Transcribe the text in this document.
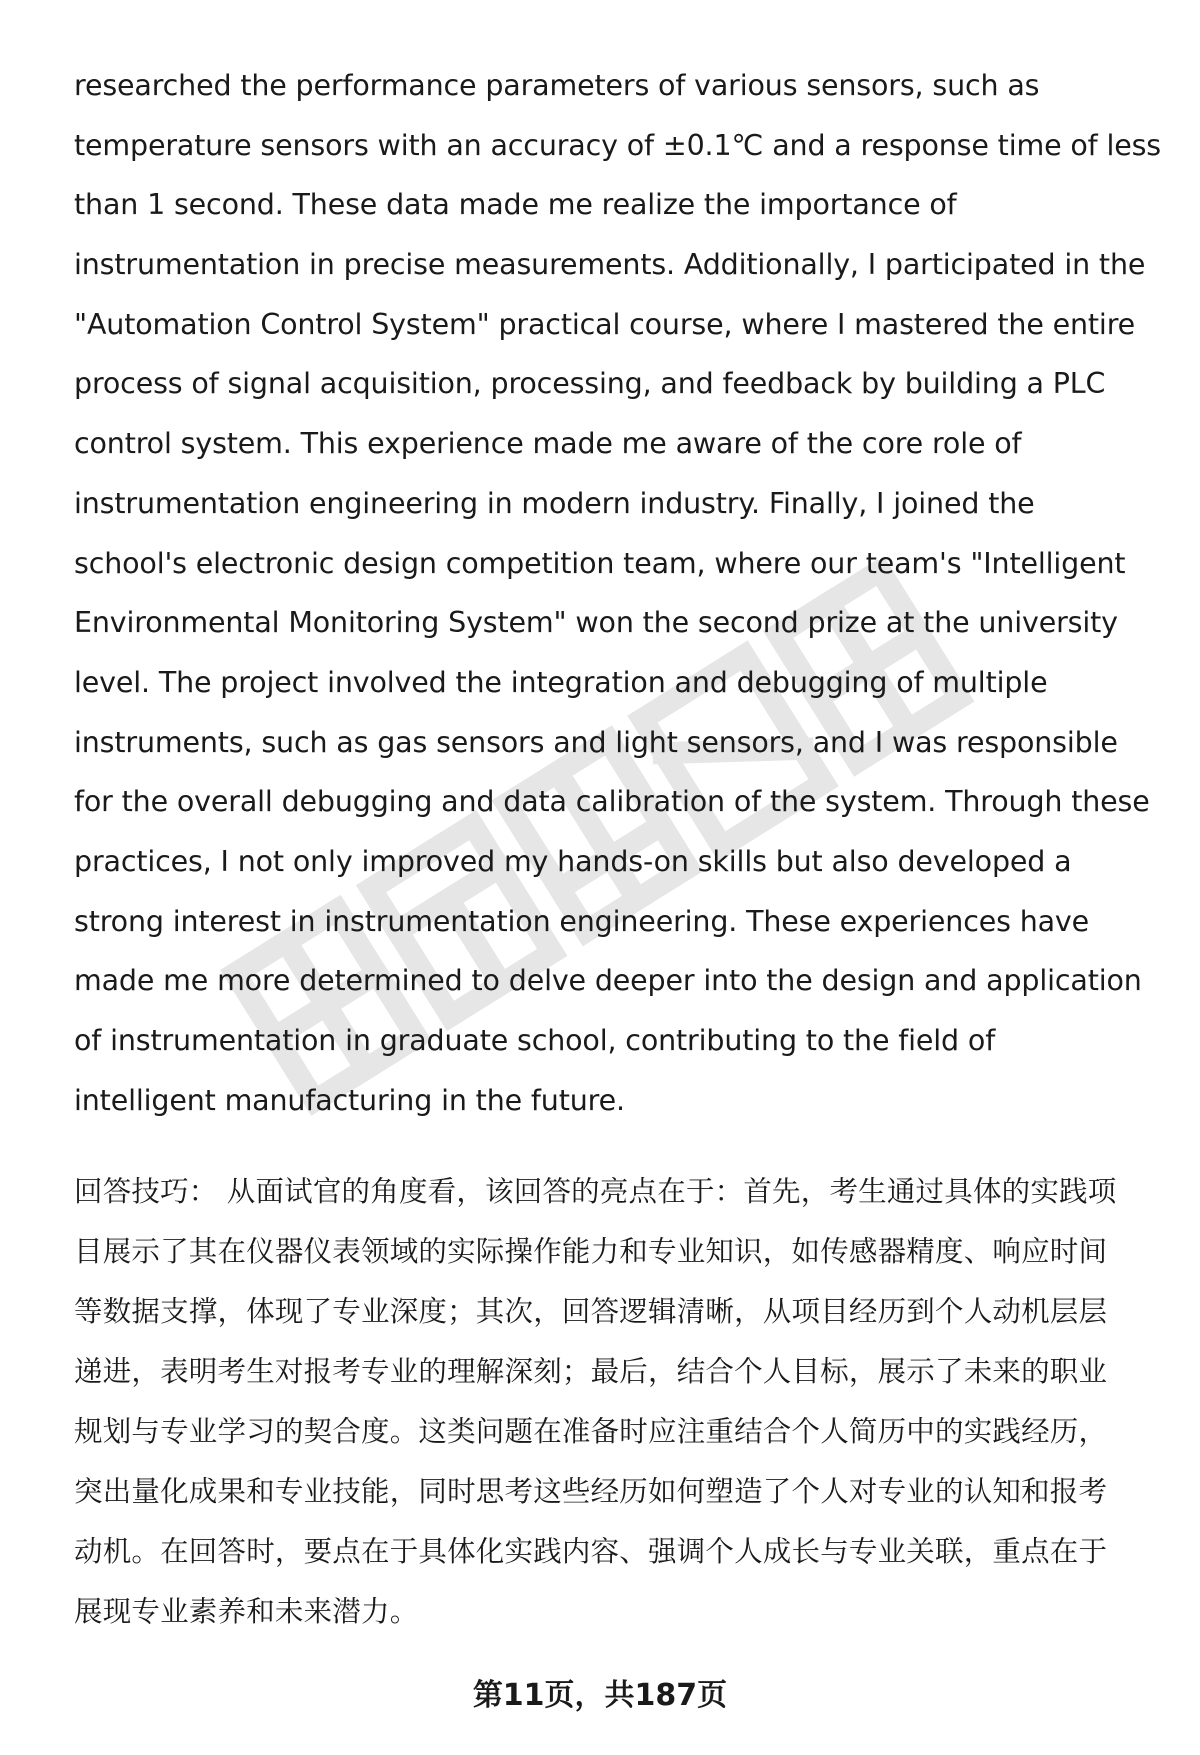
researched the performance parameters of various sensors, such as
temperature sensors with an accuracy of ±0.1℃ and a response time of less
than 1 second. These data made me realize the importance of
instrumentation in precise measurements. Additionally, I participated in the
"Automation Control System" practical course, where I mastered the entire
process of signal acquisition, processing, and feedback by building a PLC
control system. This experience made me aware of the core role of
instrumentation engineering in modern industry. Finally, I joined the
school's electronic design competition team, where our team's "Intelligent
Environmental Monitoring System" won the second prize at the university
level. The project involved the integration and debugging of multiple
instruments, such as gas sensors and light sensors, and I was responsible
for the overall debugging and data calibration of the system. Through these
practices, I not only improved my hands-on skills but also developed a
strong interest in instrumentation engineering. These experiences have
made me more determined to delve deeper into the design and application
of instrumentation in graduate school, contributing to the field of
intelligent manufacturing in the future.
回答技巧： 从面试官的角度看，该回答的亮点在于：首先，考生通过具体的实践项
目展示了其在仪器仪表领域的实际操作能力和专业知识，如传感器精度、响应时间
等数据支撑，体现了专业深度；其次，回答逻辑清晰，从项目经历到个人动机层层
递进，表明考生对报考专业的理解深刻；最后，结合个人目标，展示了未来的职业
规划与专业学习的契合度。这类问题在准备时应注重结合个人简历中的实践经历，
突出量化成果和专业技能，同时思考这些经历如何塑造了个人对专业的认知和报考
动机。在回答时，要点在于具体化实践内容、强调个人成长与专业关联，重点在于
展现专业素养和未来潜力。
第11页，共187页
